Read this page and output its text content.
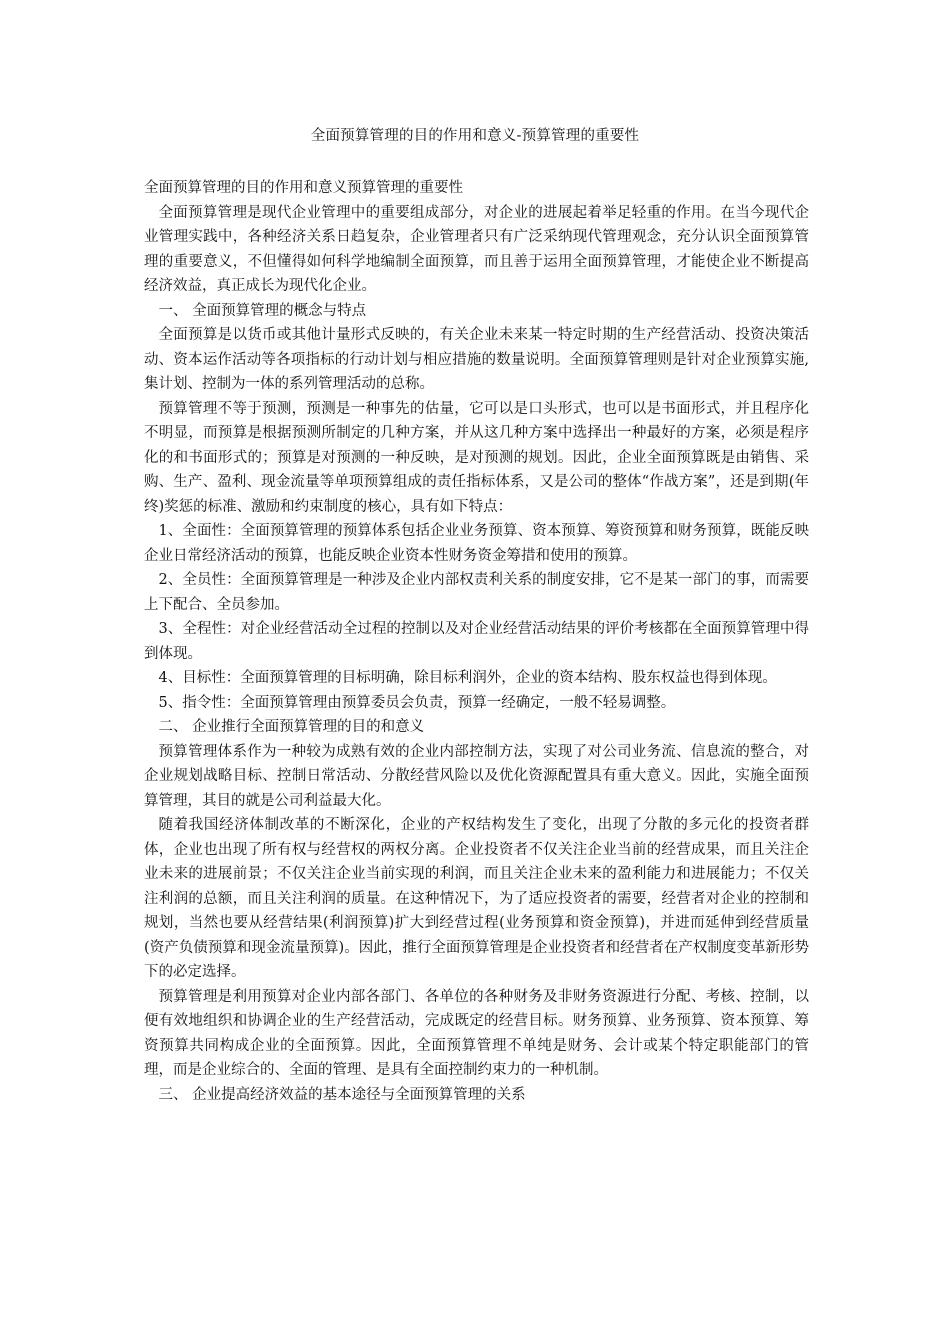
全面预算管理的目的作用和意义-预算管理的重要性

全面预算管理的目的作用和意义预算管理的重要性

全面预算管理是现代企业管理中的重要组成部分，对企业的进展起着举足轻重的作用。在当今现代企业管理实践中，各种经济关系日趋复杂，企业管理者只有广泛采纳现代管理观念，充分认识全面预算管理的重要意义，不但懂得如何科学地编制全面预算，而且善于运用全面预算管理，才能使企业不断提高经济效益，真正成长为现代化企业。

一、 全面预算管理的概念与特点

全面预算是以货币或其他计量形式反映的，有关企业未来某一特定时期的生产经营活动、投资决策活动、资本运作活动等各项指标的行动计划与相应措施的数量说明。全面预算管理则是针对企业预算实施,集计划、控制为一体的系列管理活动的总称。

预算管理不等于预测，预测是一种事先的估量，它可以是口头形式，也可以是书面形式，并且程序化不明显，而预算是根据预测所制定的几种方案，并从这几种方案中选择出一种最好的方案，必须是程序化的和书面形式的；预算是对预测的一种反映，是对预测的规划。因此，企业全面预算既是由销售、采购、生产、盈利、现金流量等单项预算组成的责任指标体系，又是公司的整体“作战方案”，还是到期(年终)奖惩的标准、激励和约束制度的核心，具有如下特点：

1、全面性：全面预算管理的预算体系包括企业业务预算、资本预算、筹资预算和财务预算，既能反映企业日常经济活动的预算，也能反映企业资本性财务资金筹措和使用的预算。

2、全员性：全面预算管理是一种涉及企业内部权责利关系的制度安排，它不是某一部门的事，而需要上下配合、全员参加。

3、全程性：对企业经营活动全过程的控制以及对企业经营活动结果的评价考核都在全面预算管理中得到体现。

4、目标性：全面预算管理的目标明确，除目标利润外，企业的资本结构、股东权益也得到体现。

5、指令性：全面预算管理由预算委员会负责，预算一经确定，一般不轻易调整。

二、 企业推行全面预算管理的目的和意义

预算管理体系作为一种较为成熟有效的企业内部控制方法，实现了对公司业务流、信息流的整合，对企业规划战略目标、控制日常活动、分散经营风险以及优化资源配置具有重大意义。因此，实施全面预算管理，其目的就是公司利益最大化。

随着我国经济体制改革的不断深化，企业的产权结构发生了变化，出现了分散的多元化的投资者群体，企业也出现了所有权与经营权的两权分离。企业投资者不仅关注企业当前的经营成果，而且关注企业未来的进展前景；不仅关注企业当前实现的利润，而且关注企业未来的盈利能力和进展能力；不仅关注利润的总额，而且关注利润的质量。在这种情况下，为了适应投资者的需要，经营者对企业的控制和规划，当然也要从经营结果(利润预算)扩大到经营过程(业务预算和资金预算)，并进而延伸到经营质量(资产负债预算和现金流量预算)。因此，推行全面预算管理是企业投资者和经营者在产权制度变革新形势下的必定选择。

预算管理是利用预算对企业内部各部门、各单位的各种财务及非财务资源进行分配、考核、控制，以便有效地组织和协调企业的生产经营活动，完成既定的经营目标。财务预算、业务预算、资本预算、筹资预算共同构成企业的全面预算。因此，全面预算管理不单纯是财务、会计或某个特定职能部门的管理，而是企业综合的、全面的管理、是具有全面控制约束力的一种机制。

三、 企业提高经济效益的基本途径与全面预算管理的关系
